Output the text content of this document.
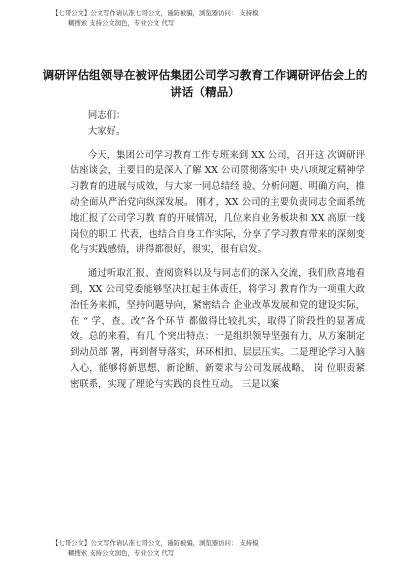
【七哥公文】公文写作请认准七哥公文，谨防被骗，浏览器访问： 支持模
糊搜索 支持公文润色，专业公文 代写
调研评估组领导在被评估集团公司学习教育工作调研评估会上的讲话（精品）

同志们：

大家好。

今天，集团公司学习教育工作专班来到 XX 公司，召开这 次调研评估座谈会，主要目的是深入了解 XX 公司贯彻落实中 央八项规定精神学习教育的进展与成效，与大家一同总结经 验、分析问题、明确方向，推动全面从严治党向纵深发展。 刚才，XX 公司的主要负责同志全面系统地汇报了公司学习教 育的开展情况，几位来自业务板块和 XX 高原一线岗位的职工 代表，也结合自身工作实际，分享了学习教育带来的深刻变 化与实践感悟，讲得都很好，很实，很有启发。

通过听取汇报、查阅资料以及与同志们的深入交流，我们欣喜地看到，XX 公司党委能够坚决扛起主体责任，将学习 教育作为一项重大政治任务来抓，坚持问题导向，紧密结合 企业改革发展和党的建设实际，在 “ 学、查、改”各个环节 都做得比较扎实，取得了阶段性的显著成效。总的来看，有几 个突出特点：一是组织领导坚强有力，从方案制定到动员部 署，再到督导落实，环环相扣、层层压实。二是理论学习入脑 入心，能够将新思想、新论断、新要求与公司发展战略、 岗 位职责紧密联系，实现了理论与实践的良性互动。 三是以案

【七哥公文】公文写作请认准七哥公文，谨防被骗，浏览器访问： 支持模
糊搜索 支持公文润色，专业公文 代写
